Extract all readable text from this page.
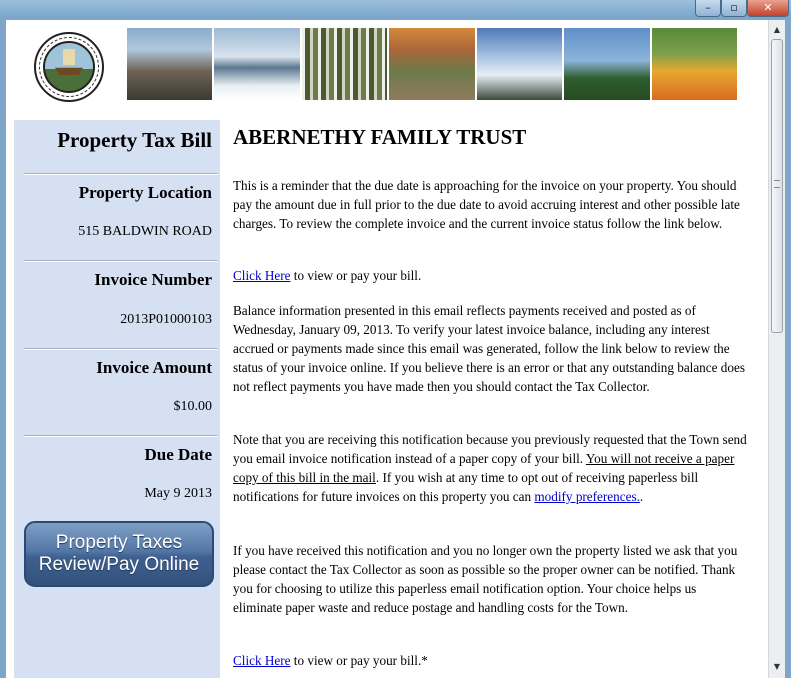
–	▫	✕
Property Tax Bill
Property Location
515 BALDWIN ROAD
Invoice Number
2013P01000103
Invoice Amount
$10.00
Due Date
May 9 2013
Property Taxes
Review/Pay Online
ABERNETHY FAMILY TRUST

This is a reminder that the due date is approaching for the invoice on your property. You should pay the amount due in full prior to the due date to avoid accruing interest and other possible late charges. To review the complete invoice and the current invoice status follow the link below.

Click Here to view or pay your bill.

Balance information presented in this email reflects payments received and posted as of Wednesday, January 09, 2013. To verify your latest invoice balance, including any interest accrued or payments made since this email was generated, follow the link below to review the status of your invoice online. If you believe there is an error or that any outstanding balance does not reflect payments you have made then you should contact the Tax Collector.

Note that you are receiving this notification because you previously requested that the Town send you email invoice notification instead of a paper copy of your bill. You will not receive a paper copy of this bill in the mail. If you wish at any time to opt out of receiving paperless bill notifications for future invoices on this property you can modify preferences..

If you have received this notification and you no longer own the property listed we ask that you please contact the Tax Collector as soon as possible so the proper owner can be notified. Thank you for choosing to utilize this paperless email notification option. Your choice helps us eliminate paper waste and reduce postage and handling costs for the Town.

Click Here to view or pay your bill.*

▲
▼
